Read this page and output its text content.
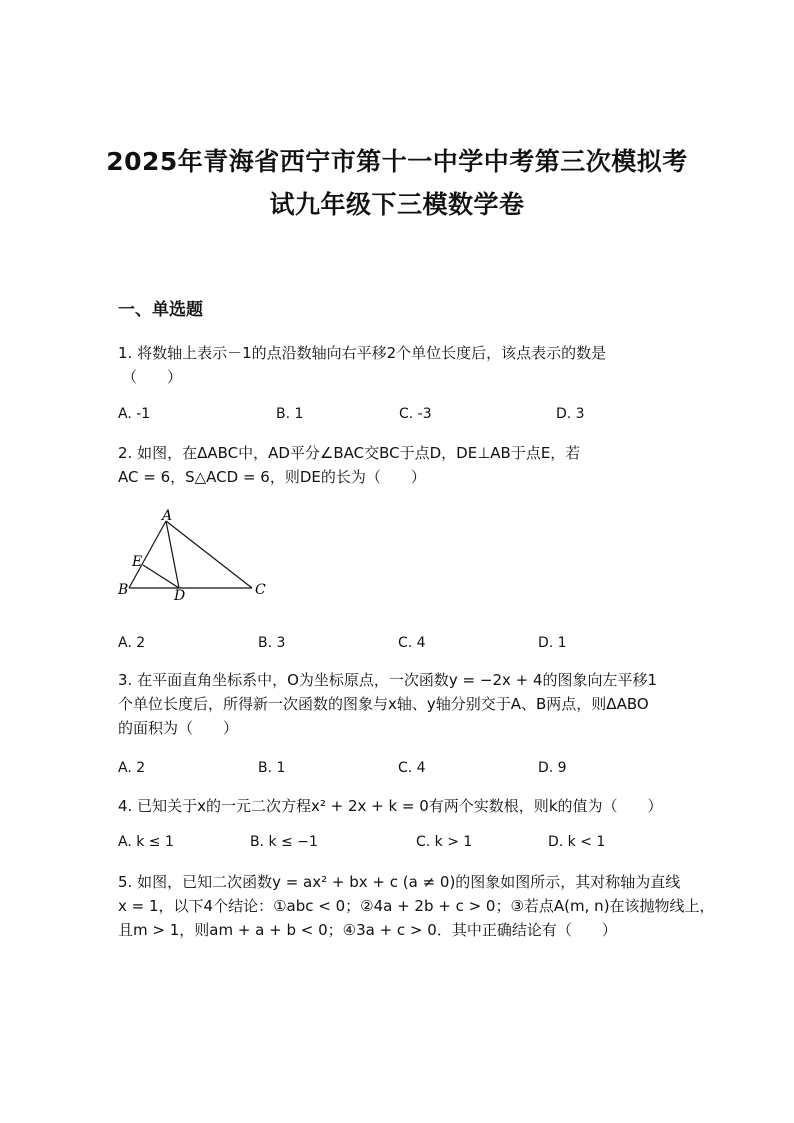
2025年青海省西宁市第十一中学中考第三次模拟考
试九年级下三模数学卷
一、单选题
1. 将数轴上表示－1的点沿数轴向右平移2个单位长度后，该点表示的数是
（　　）
A. -1	B. 1	C. -3	D. 3
2. 如图，在ΔABC中，AD平分∠BAC交BC于点D，DE⊥AB于点E，若
AC = 6，S△ACD = 6，则DE的长为（　　）
A
E
B	D	C
A. 2	B. 3	C. 4	D. 1
3. 在平面直角坐标系中，O为坐标原点，一次函数y = −2x + 4的图象向左平移1
个单位长度后，所得新一次函数的图象与x轴、y轴分别交于A、B两点，则ΔABO
的面积为（　　）
A. 2	B. 1	C. 4	D. 9
4. 已知关于x的一元二次方程x² + 2x + k = 0有两个实数根，则k的值为（　　）
A. k ≤ 1	B. k ≤ −1	C. k > 1	D. k < 1
5. 如图，已知二次函数y = ax² + bx + c (a ≠ 0)的图象如图所示，其对称轴为直线
x = 1，以下4个结论：①abc < 0；②4a + 2b + c > 0；③若点A(m, n)在该抛物线上，
且m > 1，则am + a + b < 0；④3a + c > 0．其中正确结论有（　　）
